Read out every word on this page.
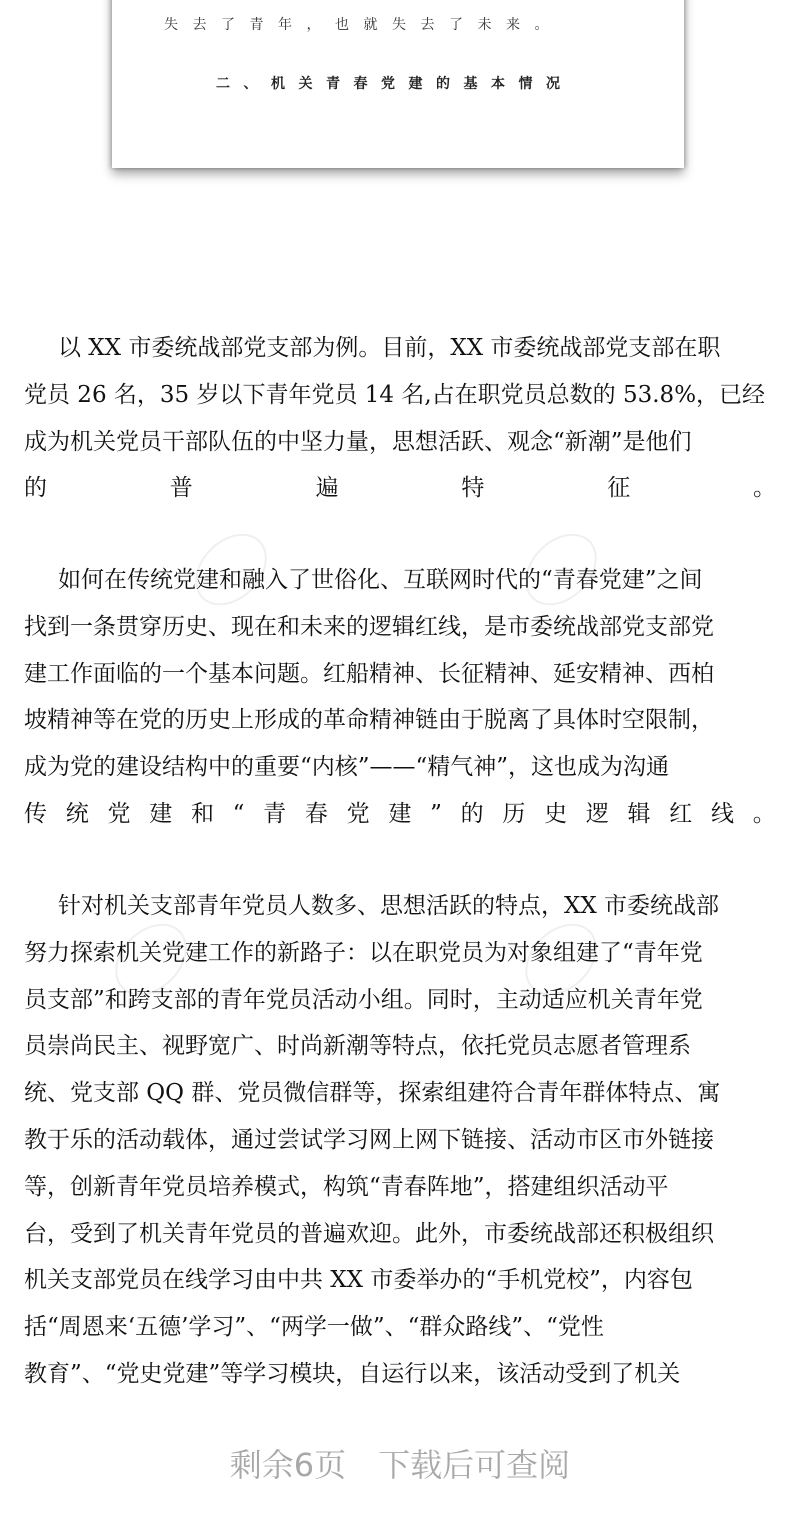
失去了青年，也就失去了未来。
二、机关青春党建的基本情况

以 XX 市委统战部党支部为例。目前，XX 市委统战部党支部在职
党员 26 名，35 岁以下青年党员 14 名,占在职党员总数的 53.8%，已经
成为机关党员干部队伍的中坚力量，思想活跃、观念“新潮”是他们
的	普	遍	特	征	。
如何在传统党建和融入了世俗化、互联网时代的“青春党建”之间
找到一条贯穿历史、现在和未来的逻辑红线，是市委统战部党支部党
建工作面临的一个基本问题。红船精神、长征精神、延安精神、西柏
坡精神等在党的历史上形成的革命精神链由于脱离了具体时空限制，
成为党的建设结构中的重要“内核”——“精气神”，这也成为沟通
传 统 党 建 和 “ 青 春 党 建 ” 的 历 史 逻 辑 红 线 。
针对机关支部青年党员人数多、思想活跃的特点，XX 市委统战部
努力探索机关党建工作的新路子：以在职党员为对象组建了“青年党
员支部”和跨支部的青年党员活动小组。同时，主动适应机关青年党
员崇尚民主、视野宽广、时尚新潮等特点，依托党员志愿者管理系
统、党支部 QQ 群、党员微信群等，探索组建符合青年群体特点、寓
教于乐的活动载体，通过尝试学习网上网下链接、活动市区市外链接
等，创新青年党员培养模式，构筑“青春阵地”，搭建组织活动平
台，受到了机关青年党员的普遍欢迎。此外，市委统战部还积极组织
机关支部党员在线学习由中共 XX 市委举办的“手机党校”，内容包
括“周恩来‘五德’学习”、“两学一做”、“群众路线”、“党性
教育”、“党史党建”等学习模块，自运行以来，该活动受到了机关
剩余6页 下载后可查阅
